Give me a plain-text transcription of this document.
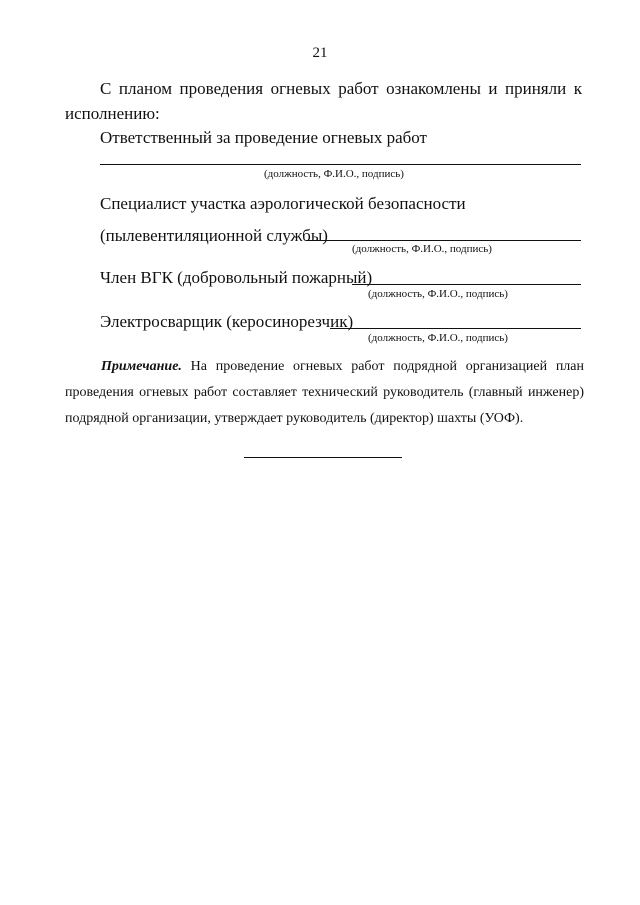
21
С планом проведения огневых работ ознакомлены и приняли к
исполнению:
Ответственный за проведение огневых работ
(должность, Ф.И.О., подпись)
Специалист участка аэрологической безопасности
(пылевентиляционной службы)
(должность, Ф.И.О., подпись)
Член ВГК (добровольный пожарный)
(должность, Ф.И.О., подпись)
Электросварщик (керосинорезчик)
(должность, Ф.И.О., подпись)
Примечание. На проведение огневых работ подрядной организацией план проведения огневых работ составляет технический руководитель (главный инженер) подрядной организации, утверждает руководитель (директор) шахты (УОФ).
